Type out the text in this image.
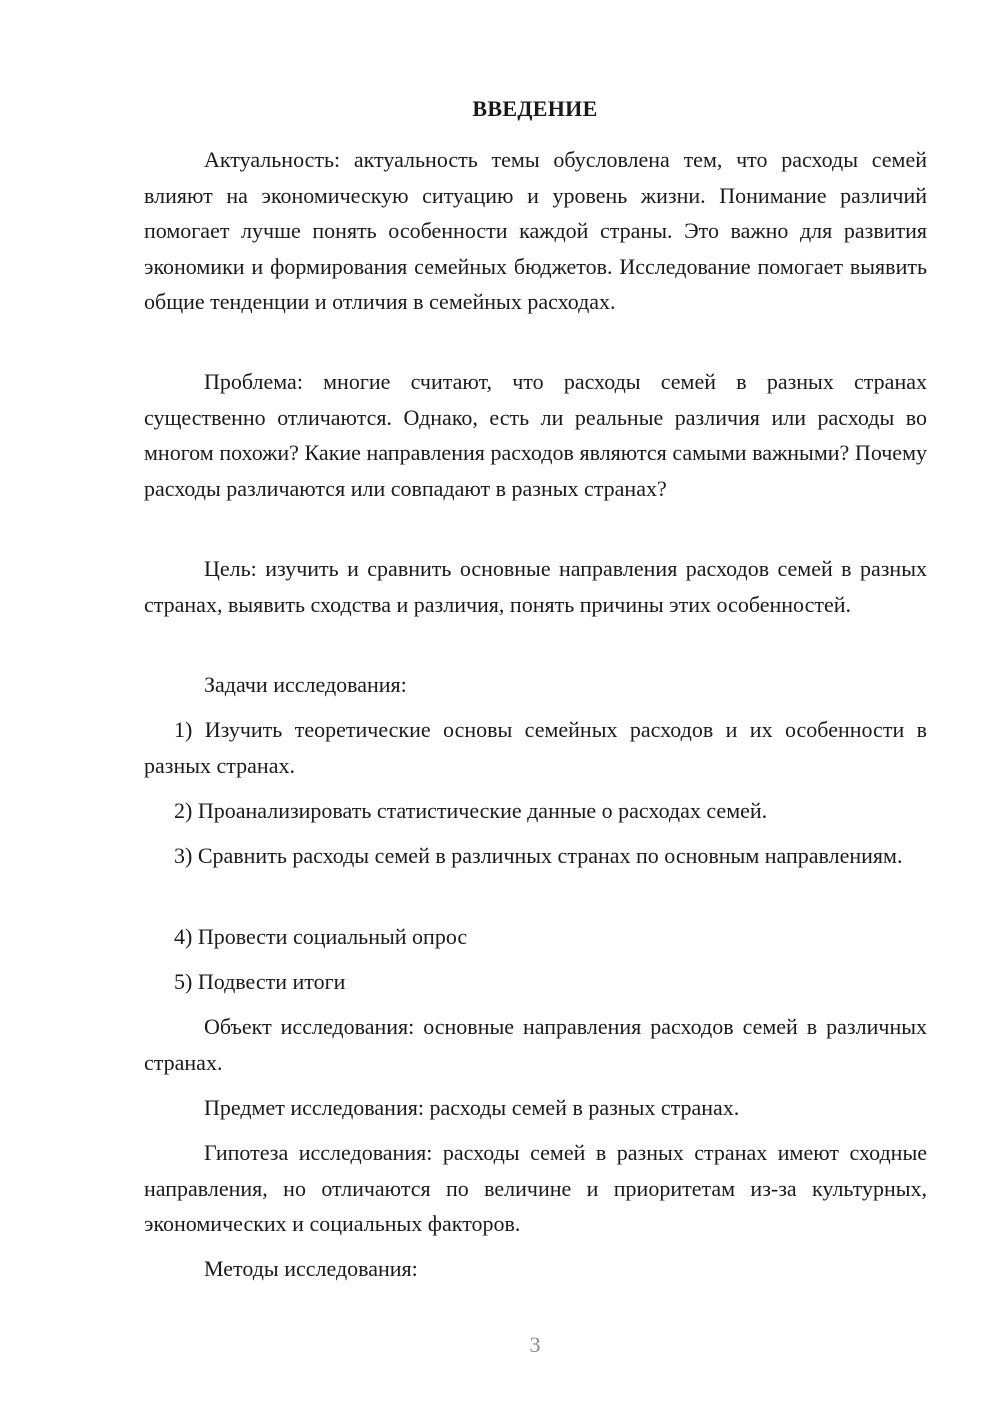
ВВЕДЕНИЕ

Актуальность: актуальность темы обусловлена тем, что расходы семей влияют на экономическую ситуацию и уровень жизни. Понимание различий помогает лучше понять особенности каждой страны. Это важно для развития экономики и формирования семейных бюджетов. Исследование помогает выявить общие тенденции и отличия в семейных расходах.

Проблема: многие считают, что расходы семей в разных странах существенно отличаются. Однако, есть ли реальные различия или расходы во многом похожи? Какие направления расходов являются самыми важными? Почему расходы различаются или совпадают в разных странах?

Цель: изучить и сравнить основные направления расходов семей в разных странах, выявить сходства и различия, понять причины этих особенностей.

Задачи исследования:

1) Изучить теоретические основы семейных расходов и их особенности в разных странах.

2) Проанализировать статистические данные о расходах семей.

3) Сравнить расходы семей в различных странах по основным направлениям.

4) Провести социальный опрос

5) Подвести итоги

Объект исследования: основные направления расходов семей в различных странах.

Предмет исследования: расходы семей в разных странах.

Гипотеза исследования: расходы семей в разных странах имеют сходные направления, но отличаются по величине и приоритетам из-за культурных, экономических и социальных факторов.

Методы исследования:

3
